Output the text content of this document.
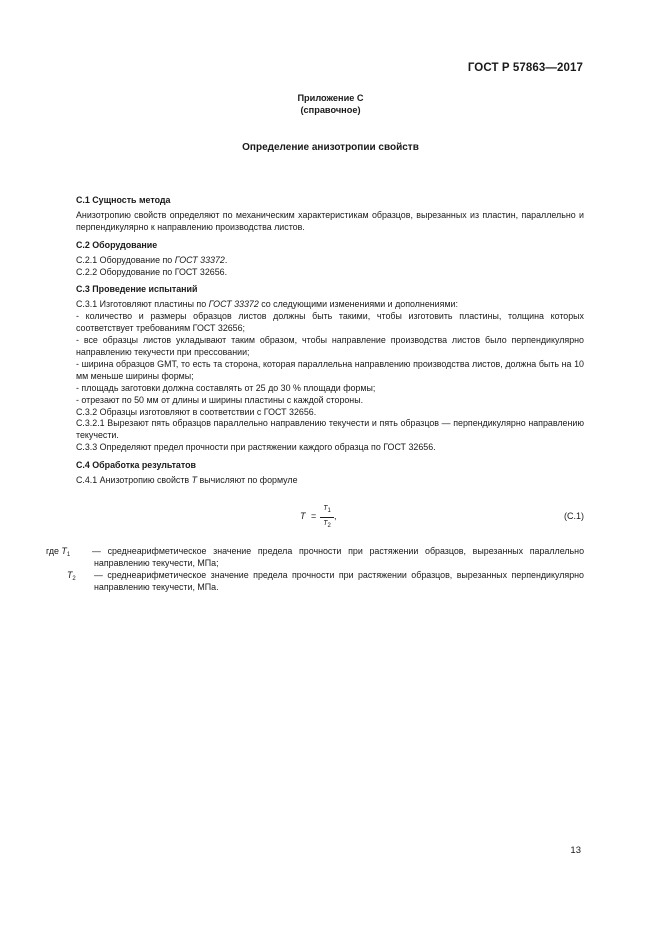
ГОСТ Р 57863—2017
Приложение С
(справочное)
Определение анизотропии свойств

С.1 Сущность метода

Анизотропию свойств определяют по механическим характеристикам образцов, вырезанных из пластин, параллельно и перпендикулярно к направлению производства листов.

С.2 Оборудование

С.2.1 Оборудование по ГОСТ 33372.

С.2.2 Оборудование по ГОСТ 32656.

С.3 Проведение испытаний

С.3.1 Изготовляют пластины по ГОСТ 33372 со следующими изменениями и дополнениями:

- количество и размеры образцов листов должны быть такими, чтобы изготовить пластины, толщина которых соответствует требованиям ГОСТ 32656;

- все образцы листов укладывают таким образом, чтобы направление производства листов было перпендикулярно направлению текучести при прессовании;

- ширина образцов GMT, то есть та сторона, которая параллельна направлению производства листов, должна быть на 10 мм меньше ширины формы;

- площадь заготовки должна составлять от 25 до 30 % площади формы;

- отрезают по 50 мм от длины и ширины пластины с каждой стороны.

С.3.2 Образцы изготовляют в соответствии с ГОСТ 32656.

С.3.2.1 Вырезают пять образцов параллельно направлению текучести и пять образцов — перпендикулярно направлению текучести.

С.3.3 Определяют предел прочности при растяжении каждого образца по ГОСТ 32656.

С.4 Обработка результатов

С.4.1 Анизотропию свойств T вычисляют по формуле

T =
$T_1$
$T_2$
,	(С.1)
где $T_1$ — среднеарифметическое значение предела прочности при растяжении образцов, вырезанных параллельно направлению текучести, МПа;
$T_2$ — среднеарифметическое значение предела прочности при растяжении образцов, вырезанных перпендикулярно направлению текучести, МПа.
13
